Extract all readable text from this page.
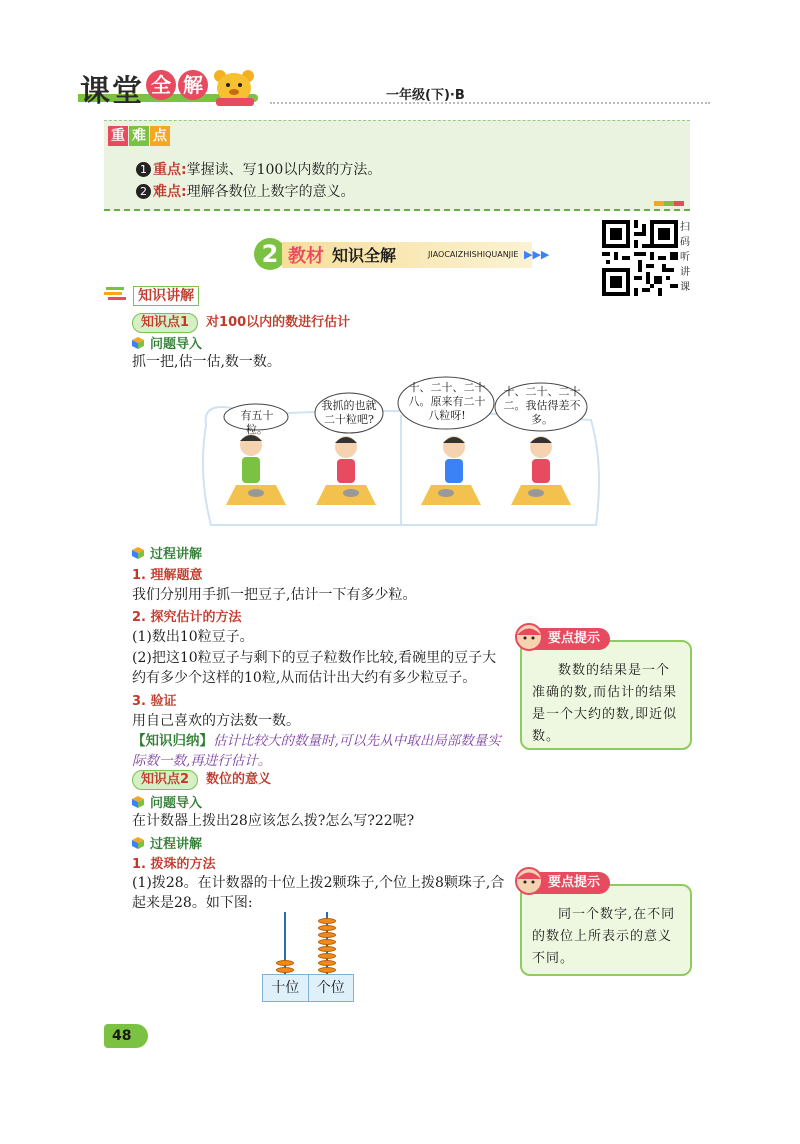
课 堂 全 解	一年级(下)·B
重 难 点
1 重点:掌握读、写100以内数的方法。
2 难点:理解各数位上数字的意义。
2 教材 知识全解	JIAOCAIZHISHIQUANJIE ▶▶▶
扫
码
听
讲
课
知识讲解
知识点1 对100以内的数进行估计
问题导入
抓一把,估一估,数一数。
有五十粒。
我抓的也就二十粒吧?
十、二十、二十八。原来有二十八粒呀!
十、二十、二十二。我估得差不多。
过程讲解
1. 理解题意
我们分别用手抓一把豆子,估计一下有多少粒。
2. 探究估计的方法
(1)数出10粒豆子。
(2)把这10粒豆子与剩下的豆子粒数作比较,看碗里的豆子大约有多少个这样的10粒,从而估计出大约有多少粒豆子。
3. 验证
用自己喜欢的方法数一数。
【知识归纳】估计比较大的数量时,可以先从中取出局部数量实际数一数,再进行估计。
数数的结果是一个准确的数,而估计的结果是一个大约的数,即近似数。
要点提示
知识点2 数位的意义
问题导入
在计数器上拨出28应该怎么拨?怎么写?22呢?
过程讲解
1. 拨珠的方法
(1)拨28。在计数器的十位上拨2颗珠子,个位上拨8颗珠子,合起来是28。如下图:
十位	个位
同一个数字,在不同的数位上所表示的意义不同。
要点提示
48
